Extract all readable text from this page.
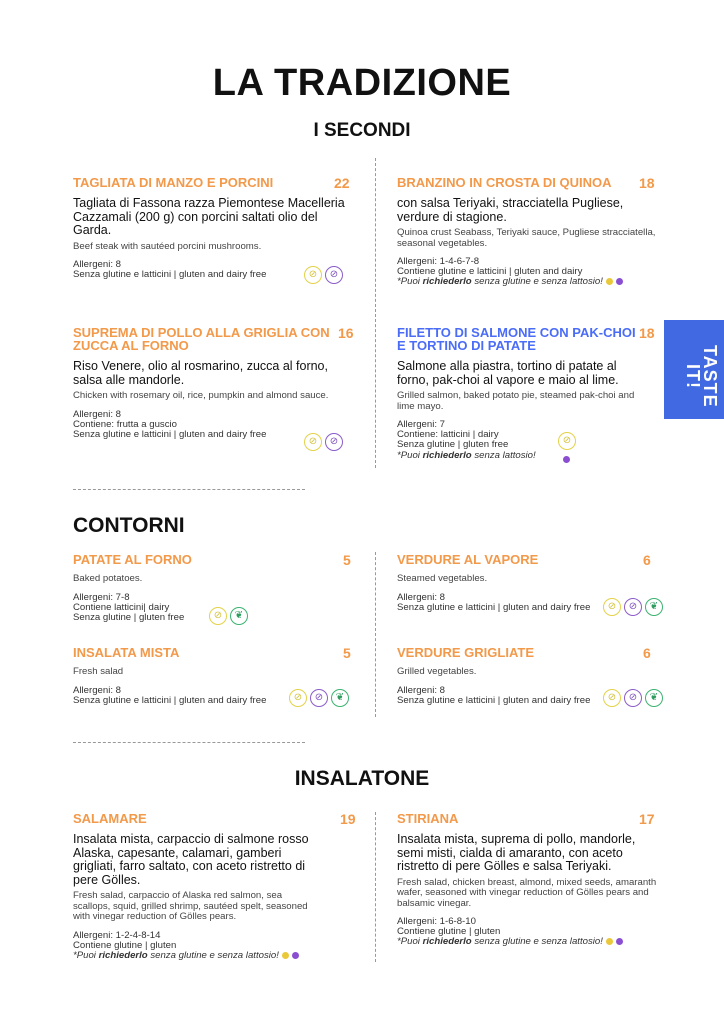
LA TRADIZIONE
I SECONDI
TASTE IT!
TAGLIATA DI MANZO E PORCINI
Tagliata di Fassona razza Piemontese Macelleria Cazzamali (200 g) con porcini saltati olio del Garda.
Beef steak with sautéed porcini mushrooms.
Allergeni: 8
Senza glutine e latticini | gluten and dairy free
22
⊘	⊘
BRANZINO IN CROSTA DI QUINOA
con salsa Teriyaki, stracciatella Pugliese, verdure di stagione.
Quinoa crust Seabass, Teriyaki sauce, Pugliese stracciatella, seasonal vegetables.
Allergeni: 1-4-6-7-8
Contiene glutine e latticini | gluten and dairy
*Puoi richiederlo senza glutine e senza lattosio!
18
SUPREMA DI POLLO ALLA GRIGLIA CON ZUCCA AL FORNO
Riso Venere, olio al rosmarino, zucca al forno, salsa alle mandorle.
Chicken with rosemary oil, rice, pumpkin and almond sauce.
Allergeni: 8
Contiene: frutta a guscio
Senza glutine e latticini | gluten and dairy free
16
⊘	⊘
FILETTO DI SALMONE CON PAK-CHOI E TORTINO DI PATATE
Salmone alla piastra, tortino di patate al forno, pak-choi al vapore e maio al lime.
Grilled salmon, baked potato pie, steamed pak-choi and lime mayo.
Allergeni: 7
Contiene: latticini | dairy
Senza glutine | gluten free
*Puoi richiederlo senza lattosio!
18
⊘
CONTORNI
PATATE AL FORNO
Baked potatoes.
Allergeni: 7-8
Contiene latticini| dairy
Senza glutine | gluten free
5
⊘	❦
VERDURE AL VAPORE
Steamed vegetables.
Allergeni: 8
Senza glutine e latticini | gluten and dairy free
6
⊘	⊘	❦
INSALATA MISTA
Fresh salad
Allergeni: 8
Senza glutine e latticini | gluten and dairy free
5
⊘	⊘	❦
VERDURE GRIGLIATE
Grilled vegetables.
Allergeni: 8
Senza glutine e latticini | gluten and dairy free
6
⊘	⊘	❦
INSALATONE
SALAMARE
Insalata mista, carpaccio di salmone rosso Alaska, capesante, calamari, gamberi grigliati, farro saltato, con aceto ristretto di pere Gölles.
Fresh salad, carpaccio of Alaska red salmon, sea scallops, squid, grilled shrimp, sautéed spelt, seasoned with vinegar reduction of Gölles pears.
Allergeni: 1-2-4-8-14
Contiene glutine | gluten
*Puoi richiederlo senza glutine e senza lattosio!
19	STIRIANA
Insalata mista, suprema di pollo, mandorle, semi misti, cialda di amaranto, con aceto ristretto di pere Gölles e salsa Teriyaki.
Fresh salad, chicken breast, almond, mixed seeds, amaranth wafer, seasoned with vinegar reduction of Gölles pears and balsamic vinegar.
Allergeni: 1-6-8-10
Contiene glutine | gluten
*Puoi richiederlo senza glutine e senza lattosio!
17
